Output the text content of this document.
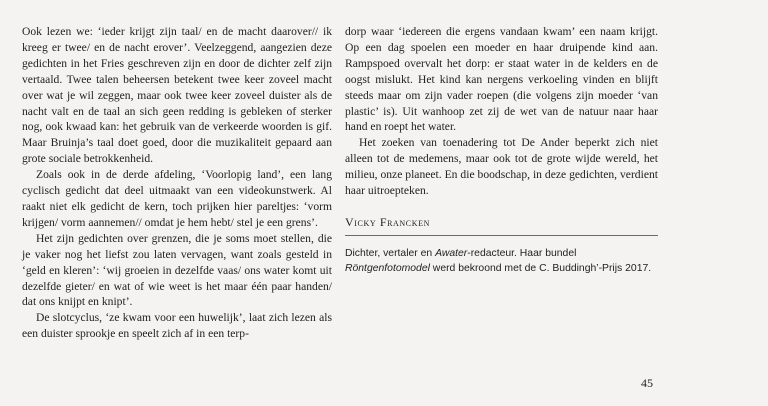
Ook lezen we: ‘ieder krijgt zijn taal/ en de macht daarover// ik kreeg er twee/ en de nacht erover’. Veelzeggend, aangezien deze gedichten in het Fries geschreven zijn en door de dichter zelf zijn vertaald. Twee talen beheersen betekent twee keer zoveel macht over wat je wil zeggen, maar ook twee keer zoveel duister als de nacht valt en de taal an sich geen redding is gebleken of sterker nog, ook kwaad kan: het gebruik van de verkeerde woorden is gif. Maar Bruinja’s taal doet goed, door die muzikaliteit gepaard aan grote sociale betrokkenheid.

Zoals ook in de derde afdeling, ‘Voorlopig land’, een lang cyclisch gedicht dat deel uitmaakt van een videokunstwerk. Al raakt niet elk gedicht de kern, toch prijken hier pareltjes: ‘vorm krijgen/ vorm aannemen// omdat je hem hebt/ stel je een grens’.

Het zijn gedichten over grenzen, die je soms moet stellen, die je vaker nog het liefst zou laten vervagen, want zoals gesteld in ‘geld en kleren’: ‘wij groeien in dezelfde vaas/ ons water komt uit dezelfde gieter/ en wat of wie weet is het maar één paar handen/ dat ons knijpt en knipt’.

De slotcyclus, ‘ze kwam voor een huwelijk’, laat zich lezen als een duister sprookje en speelt zich af in een terp-

dorp waar ‘iedereen die ergens vandaan kwam’ een naam krijgt. Op een dag spoelen een moeder en haar druipende kind aan. Rampspoed overvalt het dorp: er staat water in de kelders en de oogst mislukt. Het kind kan nergens verkoeling vinden en blijft steeds maar om zijn vader roepen (die volgens zijn moeder ‘van plastic’ is). Uit wanhoop zet zij de wet van de natuur naar haar hand en roept het water.

Het zoeken van toenadering tot De Ander beperkt zich niet alleen tot de medemens, maar ook tot de grote wijde wereld, het milieu, onze planeet. En die boodschap, in deze gedichten, verdient haar uitroepteken.

Vicky Francken
Dichter, vertaler en Awater-redacteur. Haar bundel Röntgenfotomodel werd bekroond met de C. Buddingh’-Prijs 2017.
45
